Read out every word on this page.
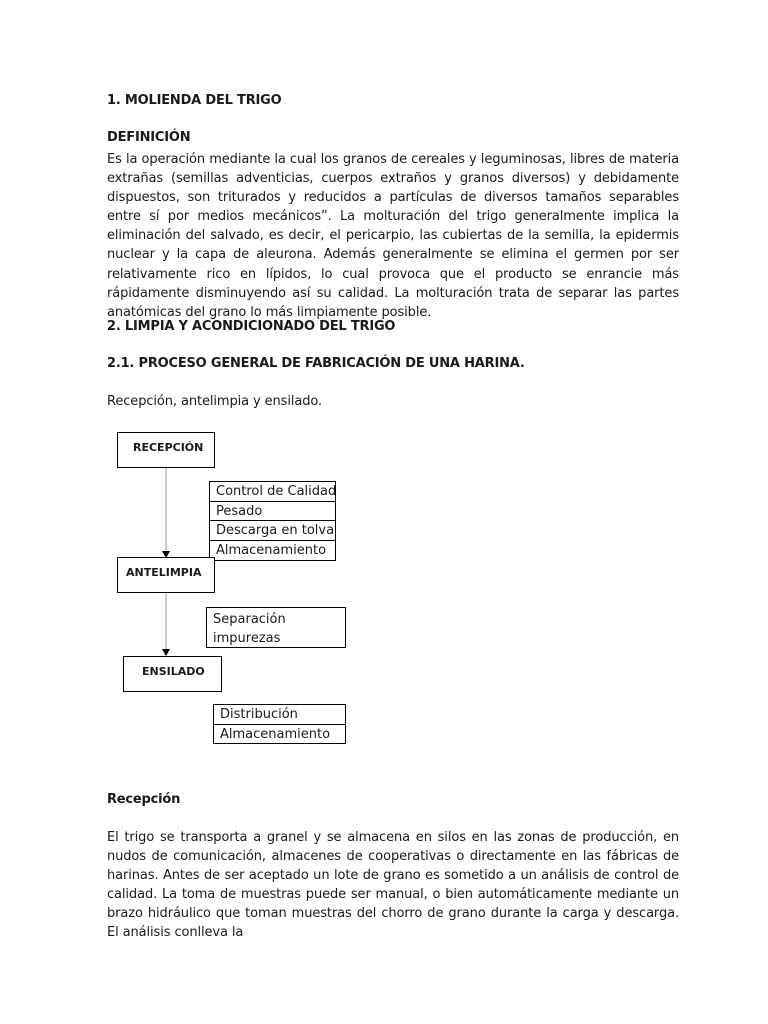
1. MOLIENDA DEL TRIGO

DEFINICIÓN

Es la operación mediante la cual los granos de cereales y leguminosas, libres de materia extrañas (semillas adventicias, cuerpos extraños y granos diversos) y debidamente dispuestos, son triturados y reducidos a partículas de diversos tamaños separables entre sí por medios mecánicos”. La molturación del trigo generalmente implica la eliminación del salvado, es decir, el pericarpio, las cubiertas de la semilla, la epidermis nuclear y la capa de aleurona. Además generalmente se elimina el germen por ser relativamente rico en lípidos, lo cual provoca que el producto se enrancie más rápidamente disminuyendo así su calidad. La molturación trata de separar las partes anatómicas del grano lo más limpiamente posible.

2. LIMPIA Y ACONDICIONADO DEL TRIGO

2.1. PROCESO GENERAL DE FABRICACIÓN DE UNA HARINA.

Recepción, antelimpia y ensilado.

RECEPCIÓN
Control de Calidad
Pesado
Descarga en tolva
Almacenamiento
ANTELIMPIA
Separación
impurezas
ENSILADO
Distribución
Almacenamiento

Recepción

El trigo se transporta a granel y se almacena en silos en las zonas de producción, en nudos de comunicación, almacenes de cooperativas o directamente en las fábricas de harinas. Antes de ser aceptado un lote de grano es sometido a un análisis de control de calidad. La toma de muestras puede ser manual, o bien automáticamente mediante un brazo hidráulico que toman muestras del chorro de grano durante la carga y descarga. El análisis conlleva la
